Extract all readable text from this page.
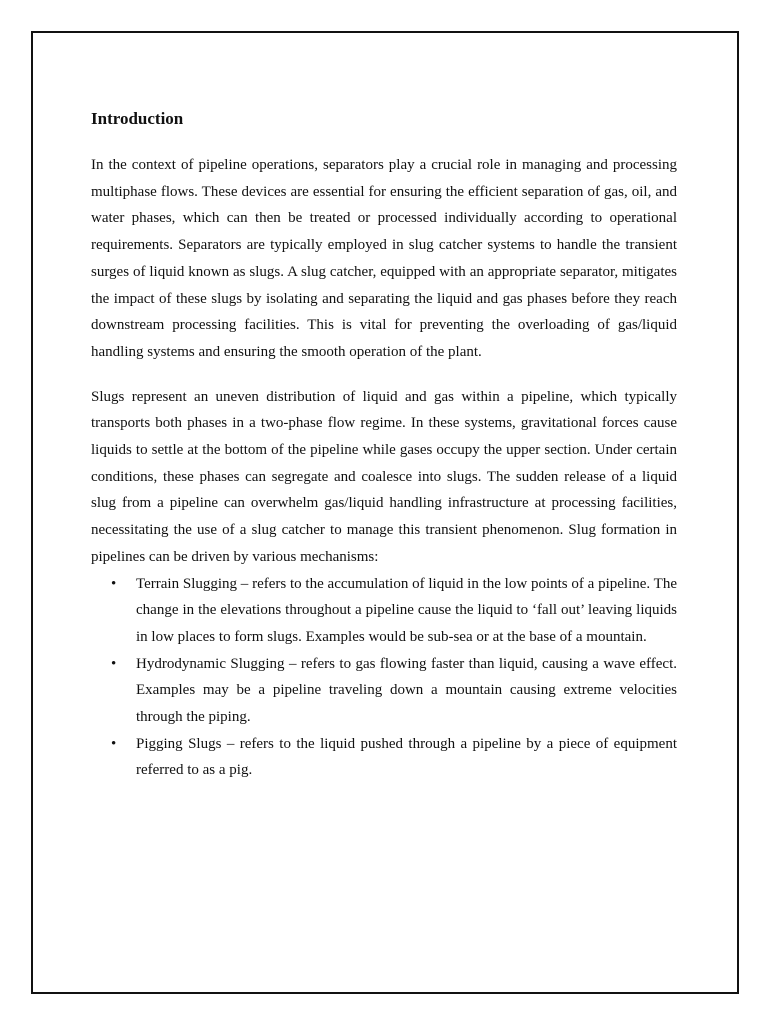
Introduction

In the context of pipeline operations, separators play a crucial role in managing and processing multiphase flows. These devices are essential for ensuring the efficient separation of gas, oil, and water phases, which can then be treated or processed individually according to operational requirements. Separators are typically employed in slug catcher systems to handle the transient surges of liquid known as slugs. A slug catcher, equipped with an appropriate separator, mitigates the impact of these slugs by isolating and separating the liquid and gas phases before they reach downstream processing facilities. This is vital for preventing the overloading of gas/liquid handling systems and ensuring the smooth operation of the plant.

Slugs represent an uneven distribution of liquid and gas within a pipeline, which typically transports both phases in a two-phase flow regime. In these systems, gravitational forces cause liquids to settle at the bottom of the pipeline while gases occupy the upper section. Under certain conditions, these phases can segregate and coalesce into slugs. The sudden release of a liquid slug from a pipeline can overwhelm gas/liquid handling infrastructure at processing facilities, necessitating the use of a slug catcher to manage this transient phenomenon. Slug formation in pipelines can be driven by various mechanisms:

• Terrain Slugging – refers to the accumulation of liquid in the low points of a pipeline. The change in the elevations throughout a pipeline cause the liquid to ‘fall out’ leaving liquids in low places to form slugs. Examples would be sub-sea or at the base of a mountain.
• Hydrodynamic Slugging – refers to gas flowing faster than liquid, causing a wave effect. Examples may be a pipeline traveling down a mountain causing extreme velocities through the piping.
• Pigging Slugs – refers to the liquid pushed through a pipeline by a piece of equipment referred to as a pig.
